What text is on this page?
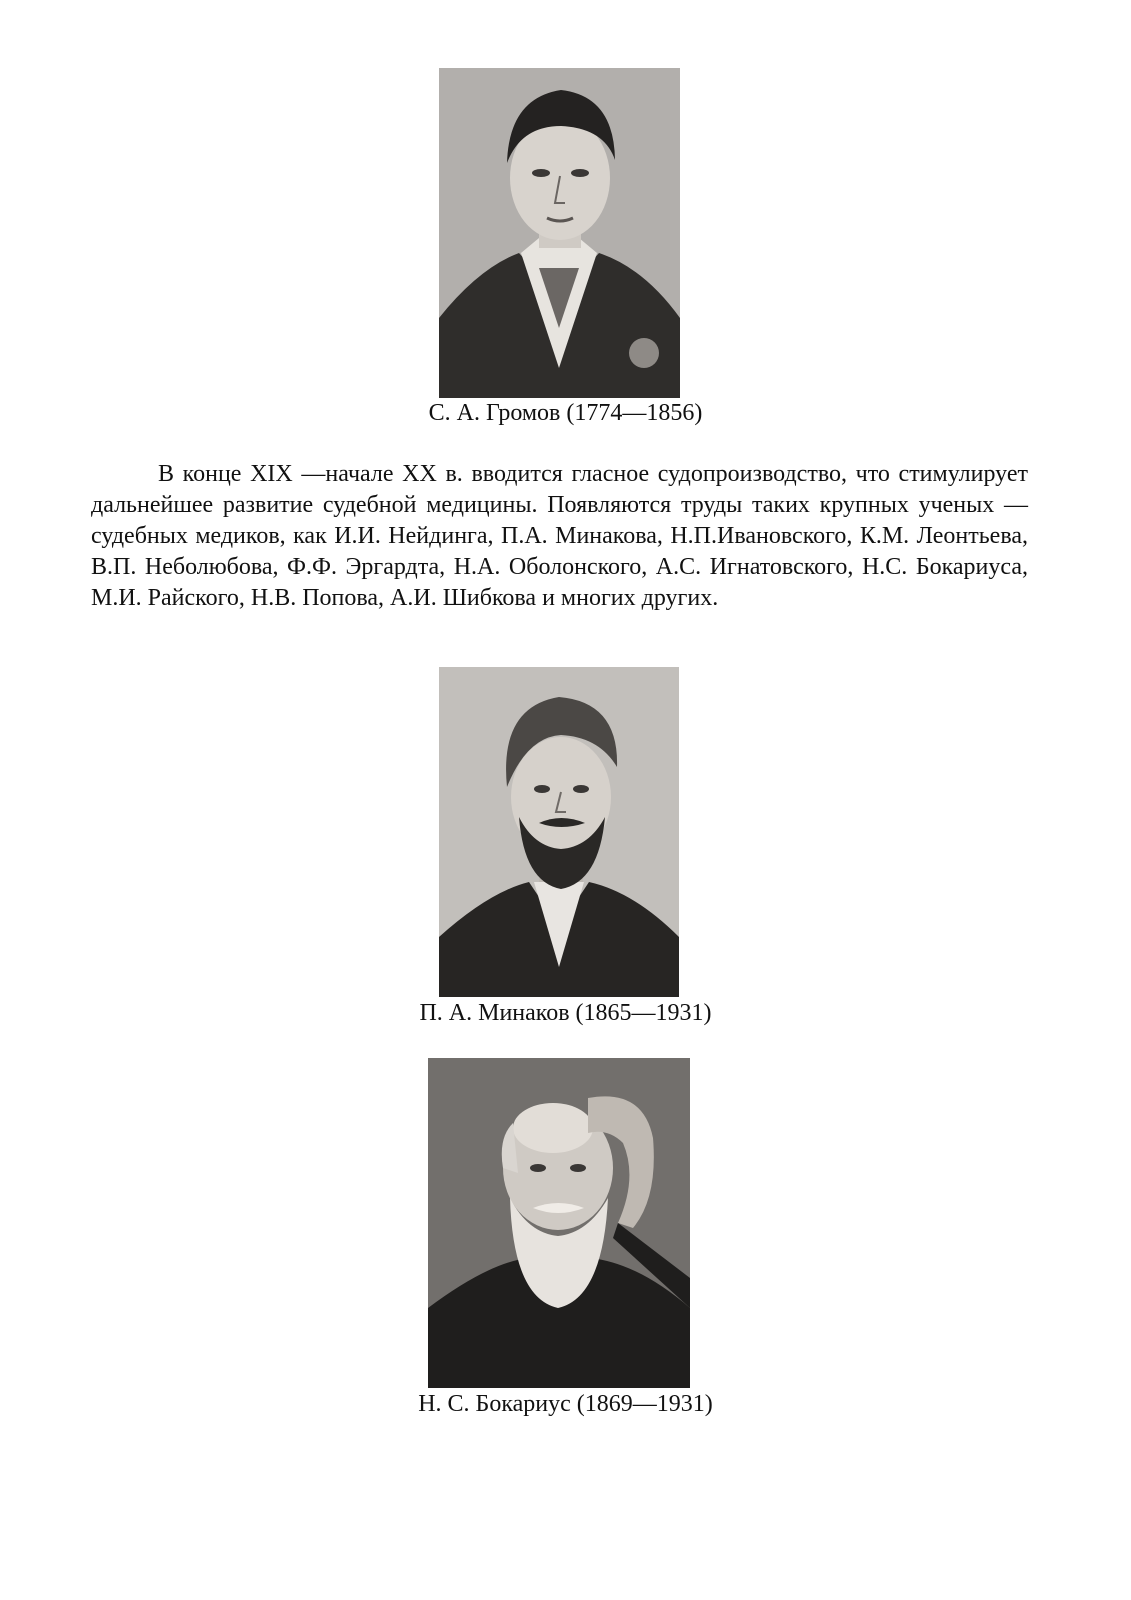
С. А. Громов (1774—1856)

В конце XIX —начале XX в. вводится гласное судопроизводство, что стимулирует дальнейшее развитие судебной медицины. Появляются труды таких крупных ученых — судебных медиков, как И.И. Нейдинга, П.А. Минакова, Н.П.Ивановского, К.М. Леонтьева, В.П. Неболюбова, Ф.Ф. Эргардта, Н.А. Оболонского, А.С. Игнатовского, Н.С. Бокариуса, М.И. Райского, Н.В. Попова, А.И. Шибкова и многих других.

П. А. Минаков (1865—1931)
Н. С. Бокариус (1869—1931)
